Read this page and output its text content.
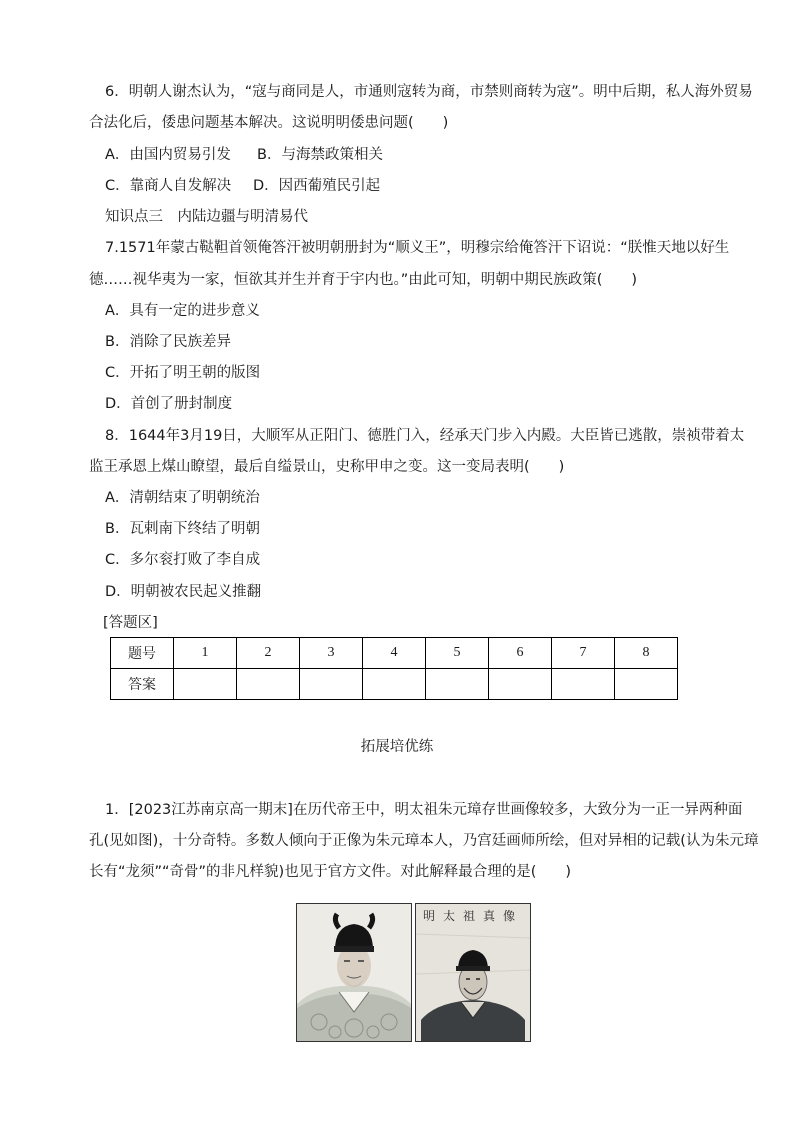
6．明朝人谢杰认为，“寇与商同是人，市通则寇转为商，市禁则商转为寇”。明中后期，私人海外贸易
合法化后，倭患问题基本解决。这说明明倭患问题(　　)
A．由国内贸易引发 B．与海禁政策相关
C．靠商人自发解决 D．因西葡殖民引起
知识点三　内陆边疆与明清易代
7.1571年蒙古鞑靼首领俺答汗被明朝册封为“顺义王”，明穆宗给俺答汗下诏说：“朕惟天地以好生
德……视华夷为一家，恒欲其并生并育于宇内也。”由此可知，明朝中期民族政策(　　)
A．具有一定的进步意义
B．消除了民族差异
C．开拓了明王朝的版图
D．首创了册封制度
8．1644年3月19日，大顺军从正阳门、德胜门入，经承天门步入内殿。大臣皆已逃散，崇祯带着太
监王承恩上煤山瞭望，最后自缢景山，史称甲申之变。这一变局表明(　　)
A．清朝结束了明朝统治
B．瓦剌南下终结了明朝
C．多尔衮打败了李自成
D．明朝被农民起义推翻
[答题区]
题号	1	2	3	4	5	6	7	8
答案								
拓展培优练
1．[2023江苏南京高一期末]在历代帝王中，明太祖朱元璋存世画像较多，大致分为一正一异两种面
孔(见如图)，十分奇特。多数人倾向于正像为朱元璋本人，乃宫廷画师所绘，但对异相的记载(认为朱元璋
长有“龙须”“奇骨”的非凡样貌)也见于官方文件。对此解释最合理的是(　　)
明太祖真像
